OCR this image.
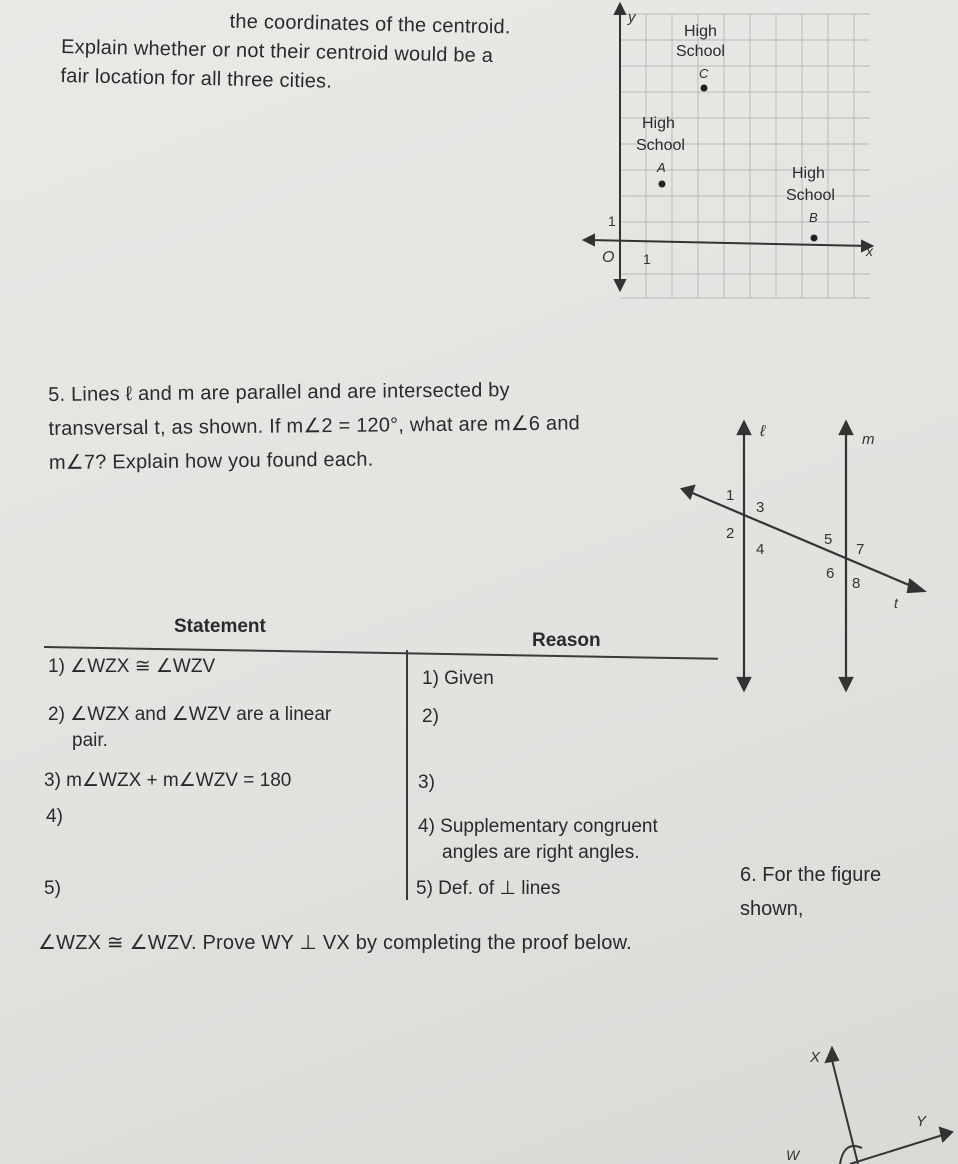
the coordinates of the centroid.
Explain whether or not their centroid would be a
fair location for all three cities.
y
x
O 1
1
High
School
C
High
School
A	High
School
B
5. Lines ℓ and m are parallel and are intersected by
transversal t, as shown. If m∠2 = 120°, what are m∠6 and
m∠7? Explain how you found each.
ℓ	m
t
1
3
2
4
5
7
6
8
Statement
Reason
1) ∠WZX ≅ ∠WZV
1) Given
2) ∠WZX and ∠WZV are a linear
pair.
2)
3) m∠WZX + m∠WZV = 180	3)
4)	4) Supplementary congruent
angles are right angles.
5)	5) Def. of ⊥ lines
6. For the figure
shown,
∠WZX ≅ ∠WZV. Prove WY ⊥ VX by completing the proof below.
X
W
Y
